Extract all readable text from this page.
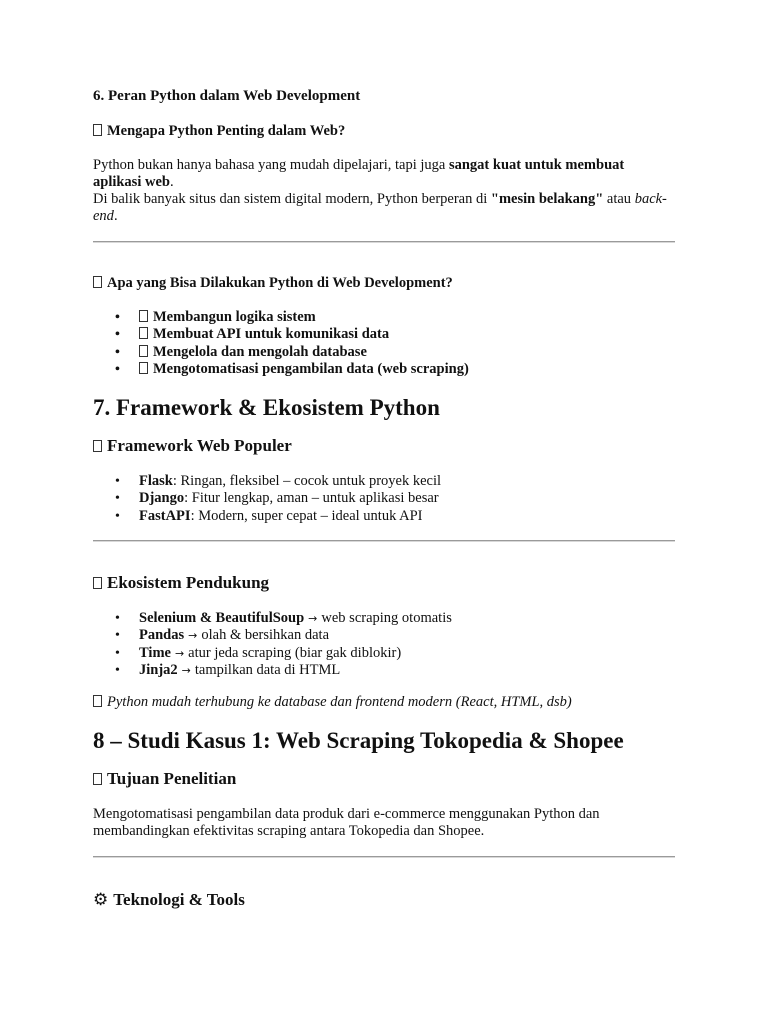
6. Peran Python dalam Web Development
Mengapa Python Penting dalam Web?
Python bukan hanya bahasa yang mudah dipelajari, tapi juga sangat kuat untuk membuat aplikasi web.
Di balik banyak situs dan sistem digital modern, Python berperan di "mesin belakang" atau back-end.
Apa yang Bisa Dilakukan Python di Web Development?
• Membangun logika sistem
• Membuat API untuk komunikasi data
• Mengelola dan mengolah database
• Mengotomatisasi pengambilan data (web scraping)
7. Framework & Ekosistem Python
Framework Web Populer
• Flask: Ringan, fleksibel – cocok untuk proyek kecil
• Django: Fitur lengkap, aman – untuk aplikasi besar
• FastAPI: Modern, super cepat – ideal untuk API
Ekosistem Pendukung
• Selenium & BeautifulSoup → web scraping otomatis
• Pandas → olah & bersihkan data
• Time → atur jeda scraping (biar gak diblokir)
• Jinja2 → tampilkan data di HTML
Python mudah terhubung ke database dan frontend modern (React, HTML, dsb)
8 – Studi Kasus 1: Web Scraping Tokopedia & Shopee
Tujuan Penelitian
Mengotomatisasi pengambilan data produk dari e-commerce menggunakan Python dan membandingkan efektivitas scraping antara Tokopedia dan Shopee.
⚙ Teknologi & Tools
